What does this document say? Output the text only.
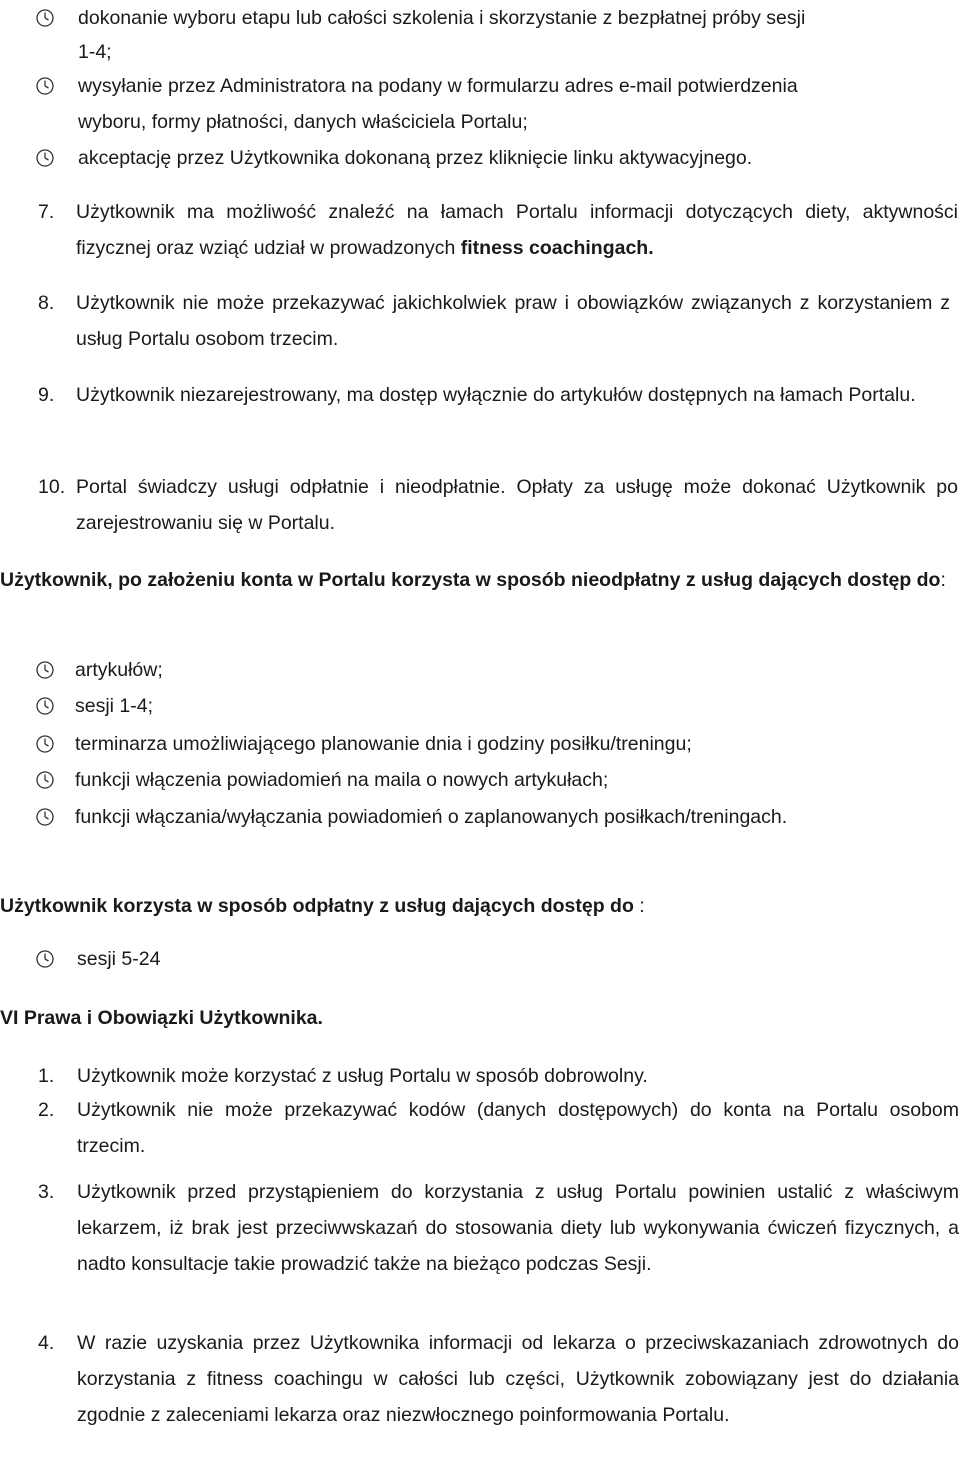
dokonanie wyboru etapu lub całości szkolenia i skorzystanie z bezpłatnej próby sesji
1-4;
wysyłanie przez Administratora na podany w formularzu adres e-mail potwierdzenia
wyboru, formy płatności, danych właściciela Portalu;
akceptację przez Użytkownika dokonaną przez kliknięcie linku aktywacyjnego.
7. Użytkownik ma możliwość znaleźć na łamach Portalu informacji dotyczących diety, aktywności fizycznej oraz wziąć udział w prowadzonych fitness coachingach.
8. Użytkownik nie może przekazywać jakichkolwiek praw i obowiązków związanych z korzystaniem z usług Portalu osobom trzecim.
9. Użytkownik niezarejestrowany, ma dostęp wyłącznie do artykułów dostępnych na łamach Portalu.
10. Portal świadczy usługi odpłatnie i nieodpłatnie. Opłaty za usługę może dokonać Użytkownik po zarejestrowaniu się w Portalu.
Użytkownik, po założeniu konta w Portalu korzysta w sposób nieodpłatny z usług dających dostęp do:
artykułów;
sesji 1-4;
terminarza umożliwiającego planowanie dnia i godziny posiłku/treningu;
funkcji włączenia powiadomień na maila o nowych artykułach;
funkcji włączania/wyłączania powiadomień o zaplanowanych posiłkach/treningach.
Użytkownik korzysta w sposób odpłatny z usług dających dostęp do :
sesji 5-24
VI Prawa i Obowiązki Użytkownika.
1. Użytkownik może korzystać z usług Portalu w sposób dobrowolny.
2. Użytkownik nie może przekazywać kodów (danych dostępowych) do konta na Portalu osobom trzecim.
3. Użytkownik przed przystąpieniem do korzystania z usług Portalu powinien ustalić z właściwym lekarzem, iż brak jest przeciwwskazań do stosowania diety lub wykonywania ćwiczeń fizycznych, a nadto konsultacje takie prowadzić także na bieżąco podczas Sesji.
4. W razie uzyskania przez Użytkownika informacji od lekarza o przeciwskazaniach zdrowotnych do korzystania z fitness coachingu w całości lub części, Użytkownik zobowiązany jest do działania zgodnie z zaleceniami lekarza oraz niezwłocznego poinformowania Portalu.
